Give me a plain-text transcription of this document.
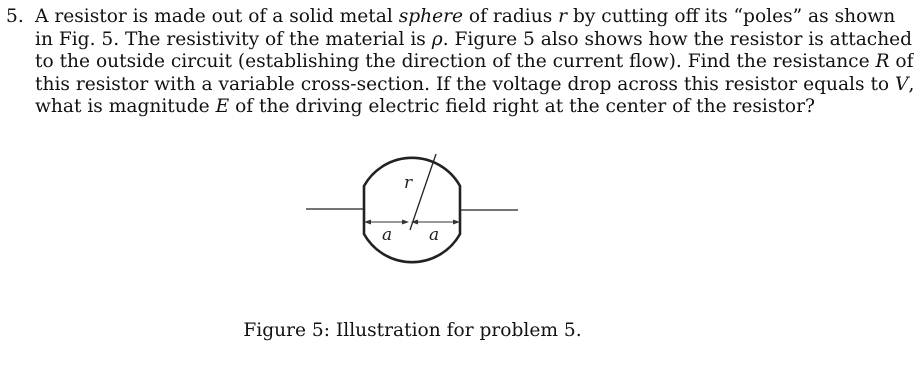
5. A resistor is made out of a solid metal sphere of radius r by cutting off its “poles” as shown
in Fig. 5. The resistivity of the material is ρ. Figure 5 also shows how the resistor is attached
to the outside circuit (establishing the direction of the current flow). Find the resistance R of
this resistor with a variable cross-section. If the voltage drop across this resistor equals to V,
what is magnitude E of the driving electric field right at the center of the resistor?
r
a a
Figure 5: Illustration for problem 5.
